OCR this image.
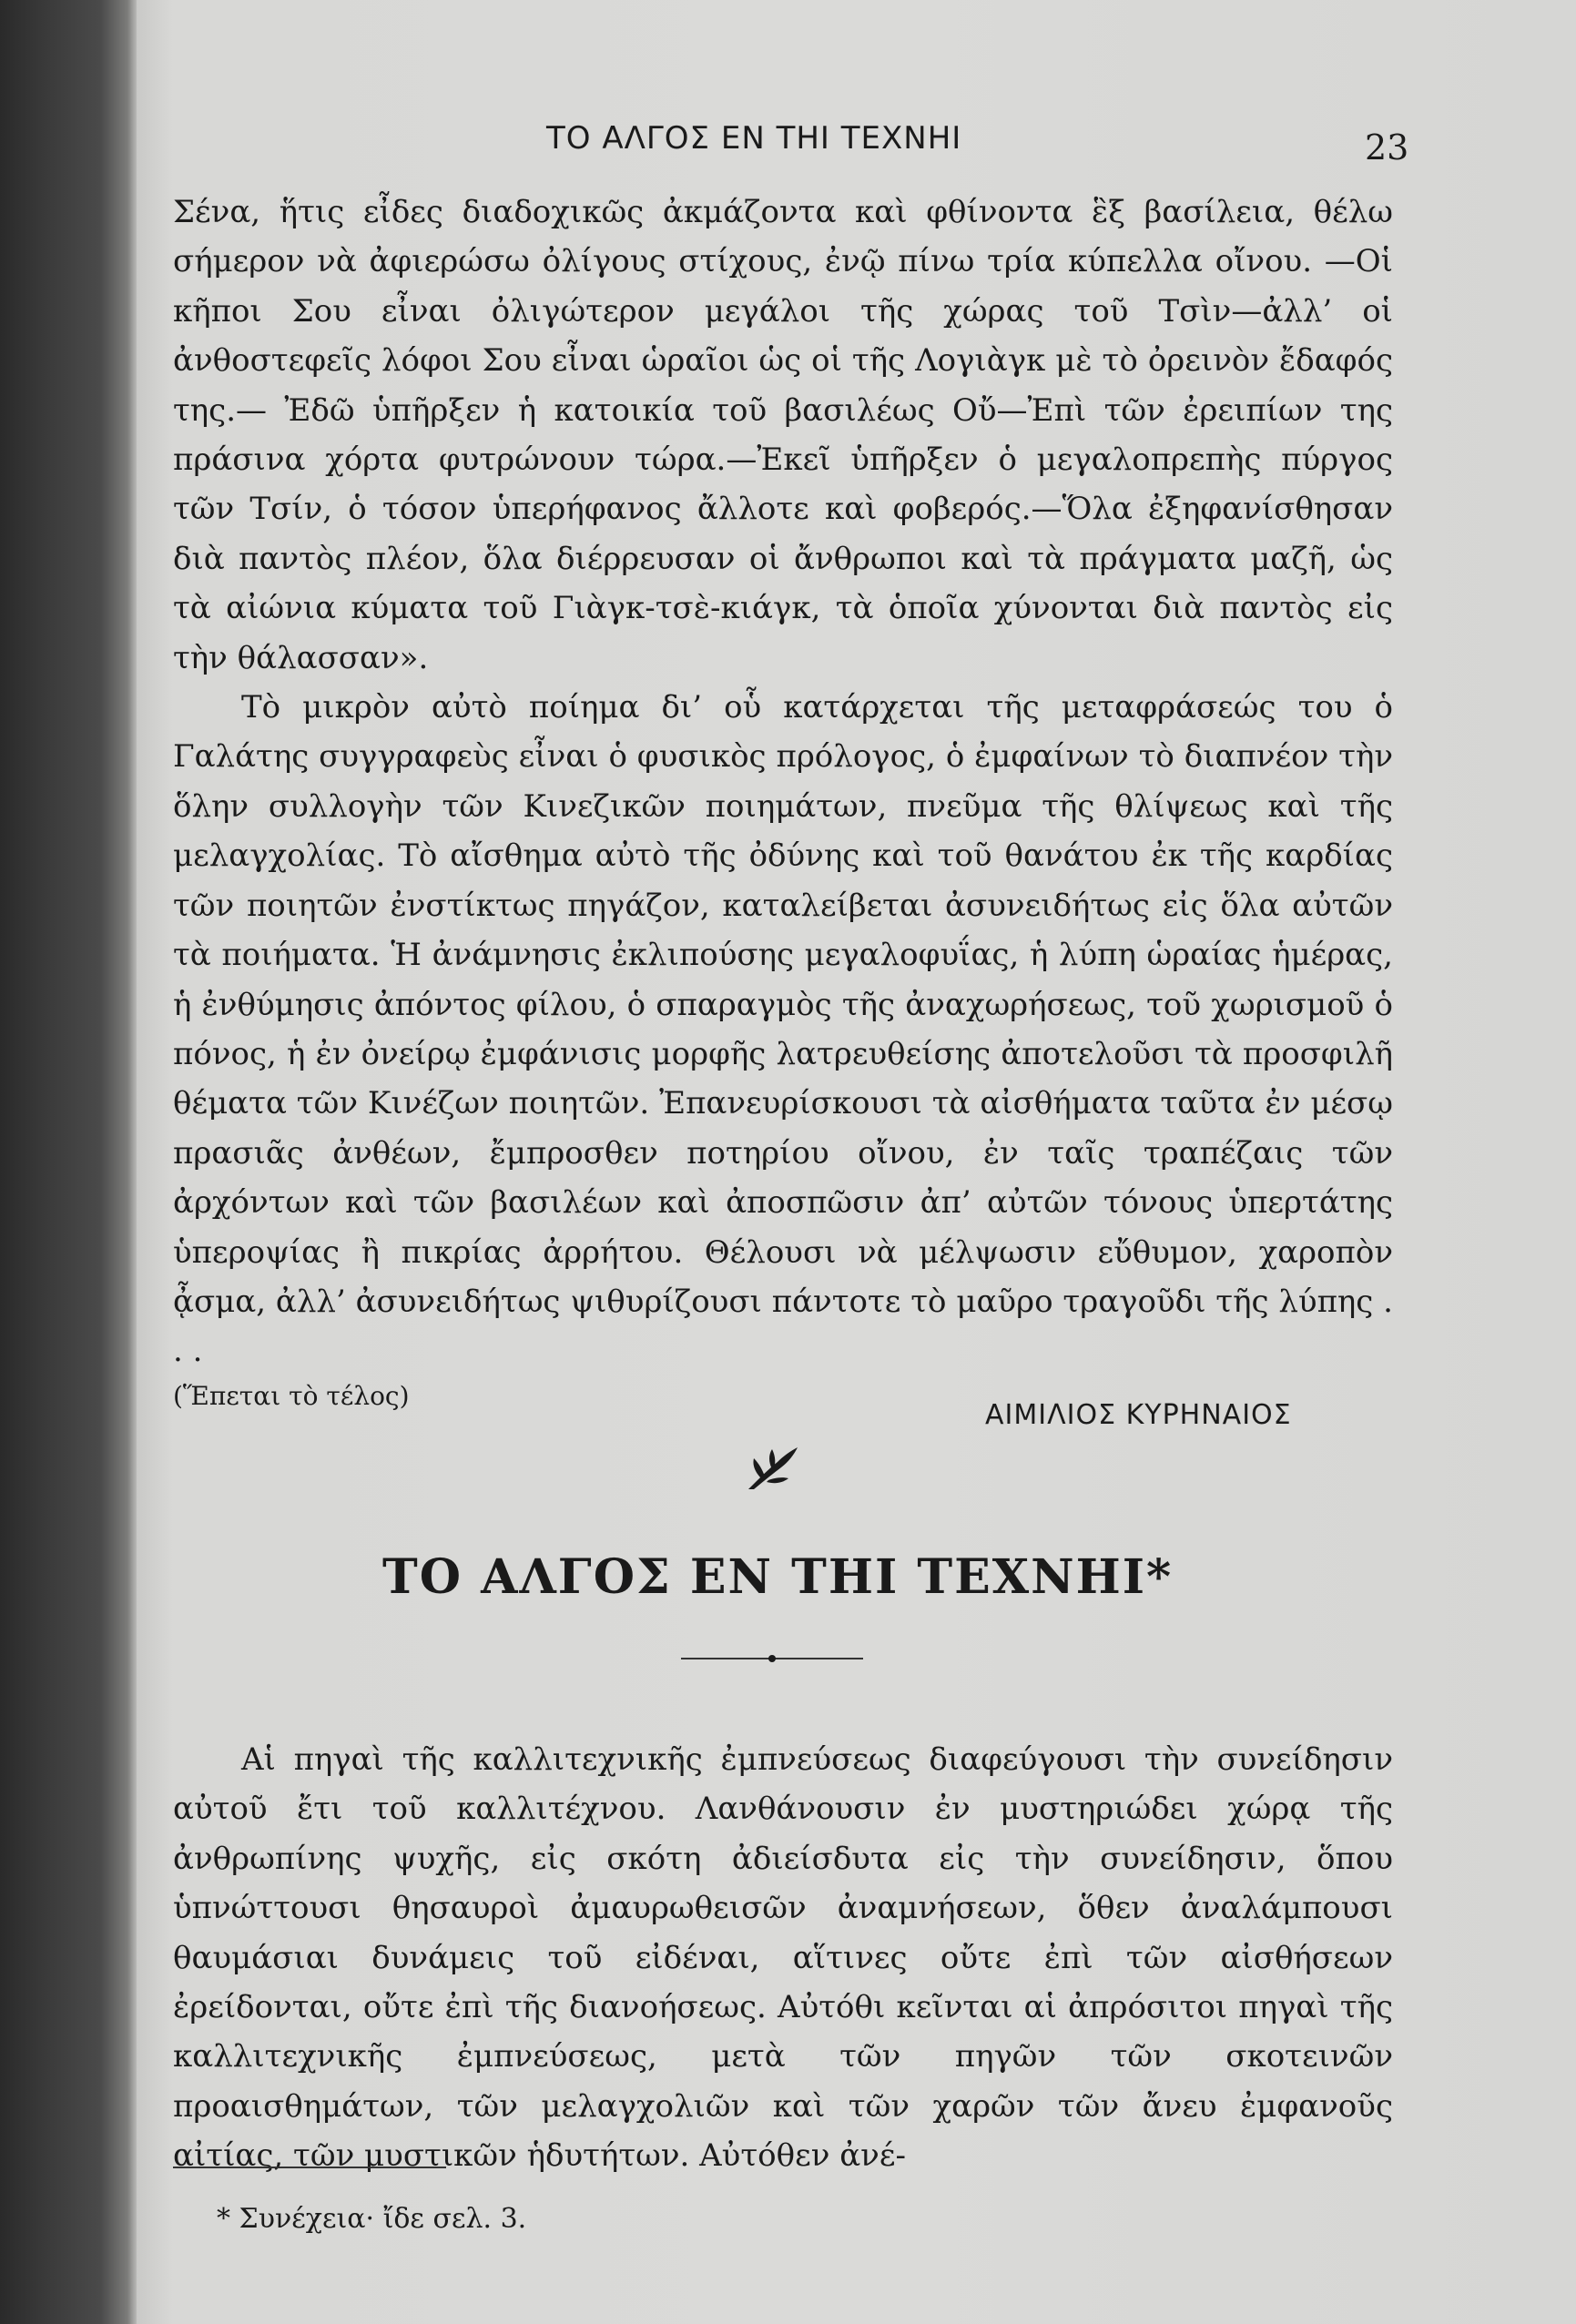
ΤΟ ΑΛΓΟΣ ΕΝ ΤΗΙ ΤΕΧΝΗΙ	23

Σένα, ἥτις εἶδες διαδοχικῶς ἀκμάζοντα καὶ φθίνοντα ἓξ βασίλεια, θέλω σήμερον νὰ ἀφιερώσω ὀλίγους στίχους, ἐνῷ πίνω τρία κύπελλα οἴνου. —Οἱ κῆποι Σου εἶναι ὀλιγώτερον μεγάλοι τῆς χώρας τοῦ Τσὶν—ἀλλ’ οἱ ἀνθοστεφεῖς λόφοι Σου εἶναι ὡραῖοι ὡς οἱ τῆς Λογιὰγκ μὲ τὸ ὀρεινὸν ἔδαφός της.— Ἐδῶ ὑπῆρξεν ἡ κατοικία τοῦ βασιλέως Οὔ—Ἐπὶ τῶν ἐρειπίων της πράσινα χόρτα φυτρώνουν τώρα.—Ἐκεῖ ὑπῆρξεν ὁ μεγαλοπρεπὴς πύργος τῶν Τσίν, ὁ τόσον ὑπερήφανος ἄλλοτε καὶ φοβερός.—Ὅλα ἐξηφανίσθησαν διὰ παντὸς πλέον, ὅλα διέρρευσαν οἱ ἄνθρωποι καὶ τὰ πράγματα μαζῆ, ὡς τὰ αἰώνια κύματα τοῦ Γιὰγκ-τσὲ-κιάγκ, τὰ ὁποῖα χύνονται διὰ παντὸς εἰς τὴν θάλασσαν».

Τὸ μικρὸν αὐτὸ ποίημα δι’ οὗ κατάρχεται τῆς μεταφράσεώς του ὁ Γαλάτης συγγραφεὺς εἶναι ὁ φυσικὸς πρόλογος, ὁ ἐμφαίνων τὸ διαπνέον τὴν ὅλην συλλογὴν τῶν Κινεζικῶν ποιημάτων, πνεῦμα τῆς θλίψεως καὶ τῆς μελαγχολίας. Τὸ αἴσθημα αὐτὸ τῆς ὀδύνης καὶ τοῦ θανάτου ἐκ τῆς καρδίας τῶν ποιητῶν ἐνστίκτως πηγάζον, καταλείβεται ἀσυνειδήτως εἰς ὅλα αὐτῶν τὰ ποιήματα. Ἡ ἀνάμνησις ἐκλιπούσης μεγαλοφυΐας, ἡ λύπη ὡραίας ἡμέρας, ἡ ἐνθύμησις ἀπόντος φίλου, ὁ σπαραγμὸς τῆς ἀναχωρήσεως, τοῦ χωρισμοῦ ὁ πόνος, ἡ ἐν ὀνείρῳ ἐμφάνισις μορφῆς λατρευθείσης ἀποτελοῦσι τὰ προσφιλῆ θέματα τῶν Κινέζων ποιητῶν. Ἐπανευρίσκουσι τὰ αἰσθήματα ταῦτα ἐν μέσῳ πρασιᾶς ἀνθέων, ἔμπροσθεν ποτηρίου οἴνου, ἐν ταῖς τραπέζαις τῶν ἀρχόντων καὶ τῶν βασιλέων καὶ ἀποσπῶσιν ἀπ’ αὐτῶν τόνους ὑπερτάτης ὑπεροψίας ἢ πικρίας ἀρρήτου. Θέλουσι νὰ μέλψωσιν εὔθυμον, χαροπὸν ᾆσμα, ἀλλ’ ἀσυνειδήτως ψιθυρίζουσι πάντοτε τὸ μαῦρο τραγοῦδι τῆς λύπης . . .

(Ἕπεται τὸ τέλος)
ΑΙΜΙΛΙΟΣ ΚΥΡΗΝΑΙΟΣ
ΤΟ ΑΛΓΟΣ ΕΝ ΤΗΙ ΤΕΧΝΗΙ*

Αἱ πηγαὶ τῆς καλλιτεχνικῆς ἐμπνεύσεως διαφεύγουσι τὴν συνείδησιν αὐτοῦ ἔτι τοῦ καλλιτέχνου. Λανθάνουσιν ἐν μυστηριώδει χώρᾳ τῆς ἀνθρωπίνης ψυχῆς, εἰς σκότη ἀδιείσδυτα εἰς τὴν συνείδησιν, ὅπου ὑπνώττουσι θησαυροὶ ἀμαυρωθεισῶν ἀναμνήσεων, ὅθεν ἀναλάμπουσι θαυμάσιαι δυνάμεις τοῦ εἰδέναι, αἵτινες οὔτε ἐπὶ τῶν αἰσθήσεων ἐρείδονται, οὔτε ἐπὶ τῆς διανοήσεως. Αὐτόθι κεῖνται αἱ ἀπρόσιτοι πηγαὶ τῆς καλλιτεχνικῆς ἐμπνεύσεως, μετὰ τῶν πηγῶν τῶν σκοτεινῶν προαισθημάτων, τῶν μελαγχολιῶν καὶ τῶν χαρῶν τῶν ἄνευ ἐμφανοῦς αἰτίας, τῶν μυστικῶν ἡδυτήτων. Αὐτόθεν ἀνέ-

* Συνέχεια· ἴδε σελ. 3.
